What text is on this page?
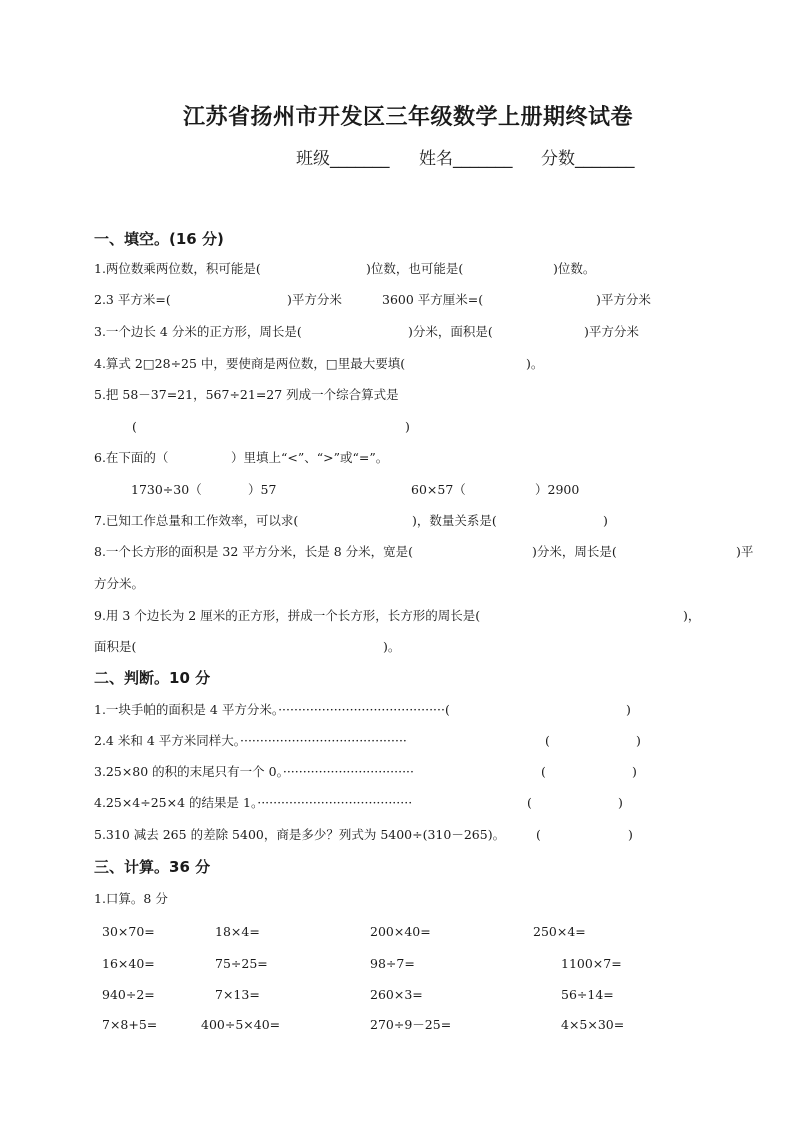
江苏省扬州市开发区三年级数学上册期终试卷
班级_______ 姓名_______ 分数_______
一、填空。(16 分)
1.两位数乘两位数，积可能是(	)位数，也可能是(	)位数。
2.3 平方米=(	)平方分米	3600 平方厘米=(	)平方分米
3.一个边长 4 分米的正方形，周长是(	)分米，面积是(	)平方分米
4.算式 2□28÷25 中，要使商是两位数，□里最大要填(	)。
5.把 58－37=21，567÷21=27 列成一个综合算式是
(	)
6.在下面的（	）里填上“<”、“>”或“=”。
1730÷30（	）57	60×57（	）2900
7.已知工作总量和工作效率，可以求(	)，数量关系是(	)
8.一个长方形的面积是 32 平方分米，长是 8 分米，宽是(	)分米，周长是(	)平
方分米。
9.用 3 个边长为 2 厘米的正方形，拼成一个长方形，长方形的周长是(	)，
面积是(	)。
二、判断。10 分
1.一块手帕的面积是 4 平方分米。··········································(	)
2.4 米和 4 平方米同样大。··········································	(	)
3.25×80 的积的末尾只有一个 0。·································	(	)
4.25×4÷25×4 的结果是 1。·······································	(	)
5.310 减去 265 的差除 5400，商是多少？列式为 5400÷(310－265)。 (	)
三、计算。36 分
1.口算。8 分
30×70=	18×4=	200×40=	250×4=
16×40=	75÷25=	98÷7=	1100×7=
940÷2=	7×13=	260×3=	56÷14=
7×8+5=	400÷5×40=	270÷9－25=	4×5×30=
